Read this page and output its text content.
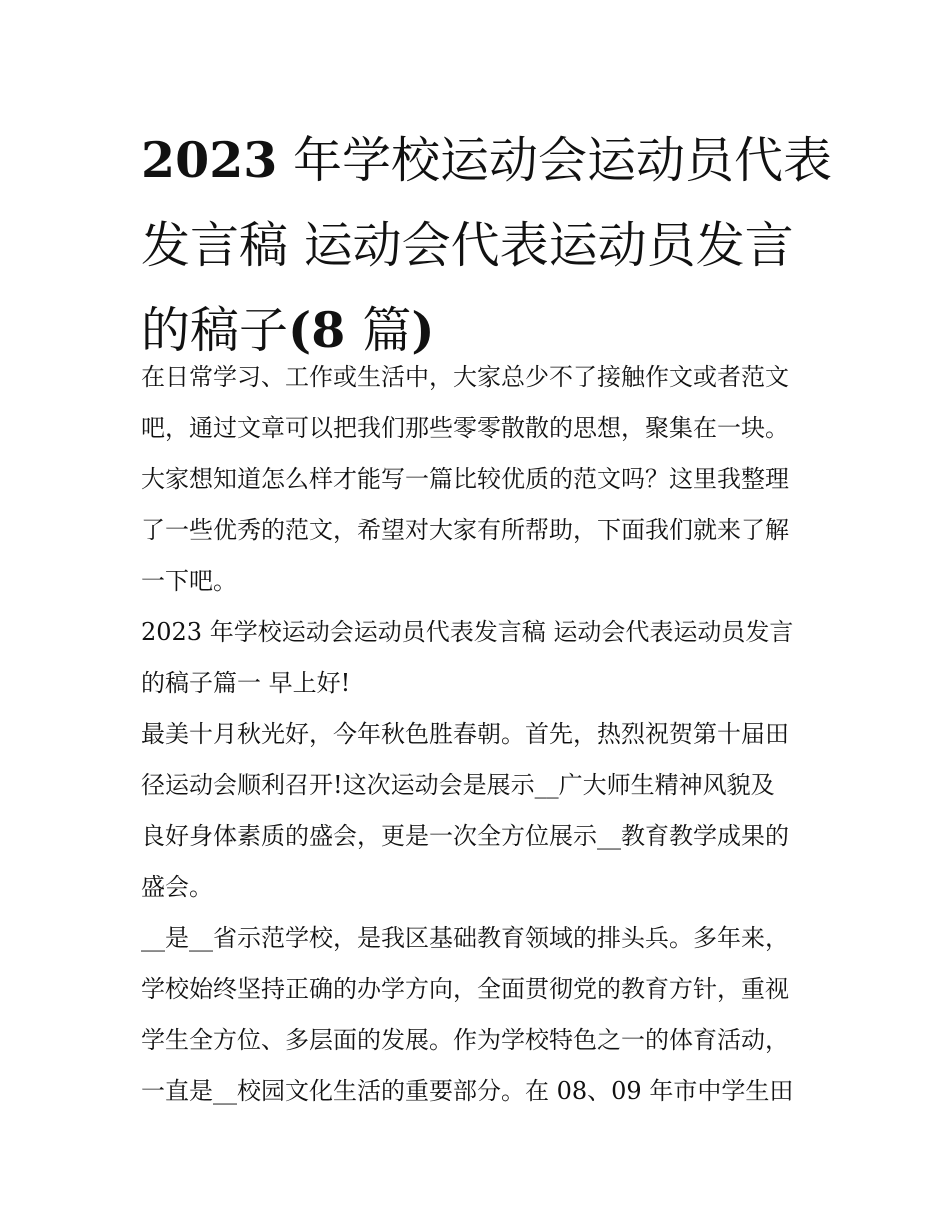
2023 年学校运动会运动员代表
发言稿 运动会代表运动员发言
的稿子(8 篇)
在日常学习、工作或生活中，大家总少不了接触作文或者范文
吧，通过文章可以把我们那些零零散散的思想，聚集在一块。
大家想知道怎么样才能写一篇比较优质的范文吗？这里我整理
了一些优秀的范文，希望对大家有所帮助，下面我们就来了解
一下吧。
2023 年学校运动会运动员代表发言稿 运动会代表运动员发言
的稿子篇一 早上好!
最美十月秋光好，今年秋色胜春朝。首先，热烈祝贺第十届田
径运动会顺利召开!这次运动会是展示__广大师生精神风貌及
良好身体素质的盛会，更是一次全方位展示__教育教学成果的
盛会。
__是__省示范学校，是我区基础教育领域的排头兵。多年来，
学校始终坚持正确的办学方向，全面贯彻党的教育方针，重视
学生全方位、多层面的发展。作为学校特色之一的体育活动，
一直是__校园文化生活的重要部分。在 08、09 年市中学生田
